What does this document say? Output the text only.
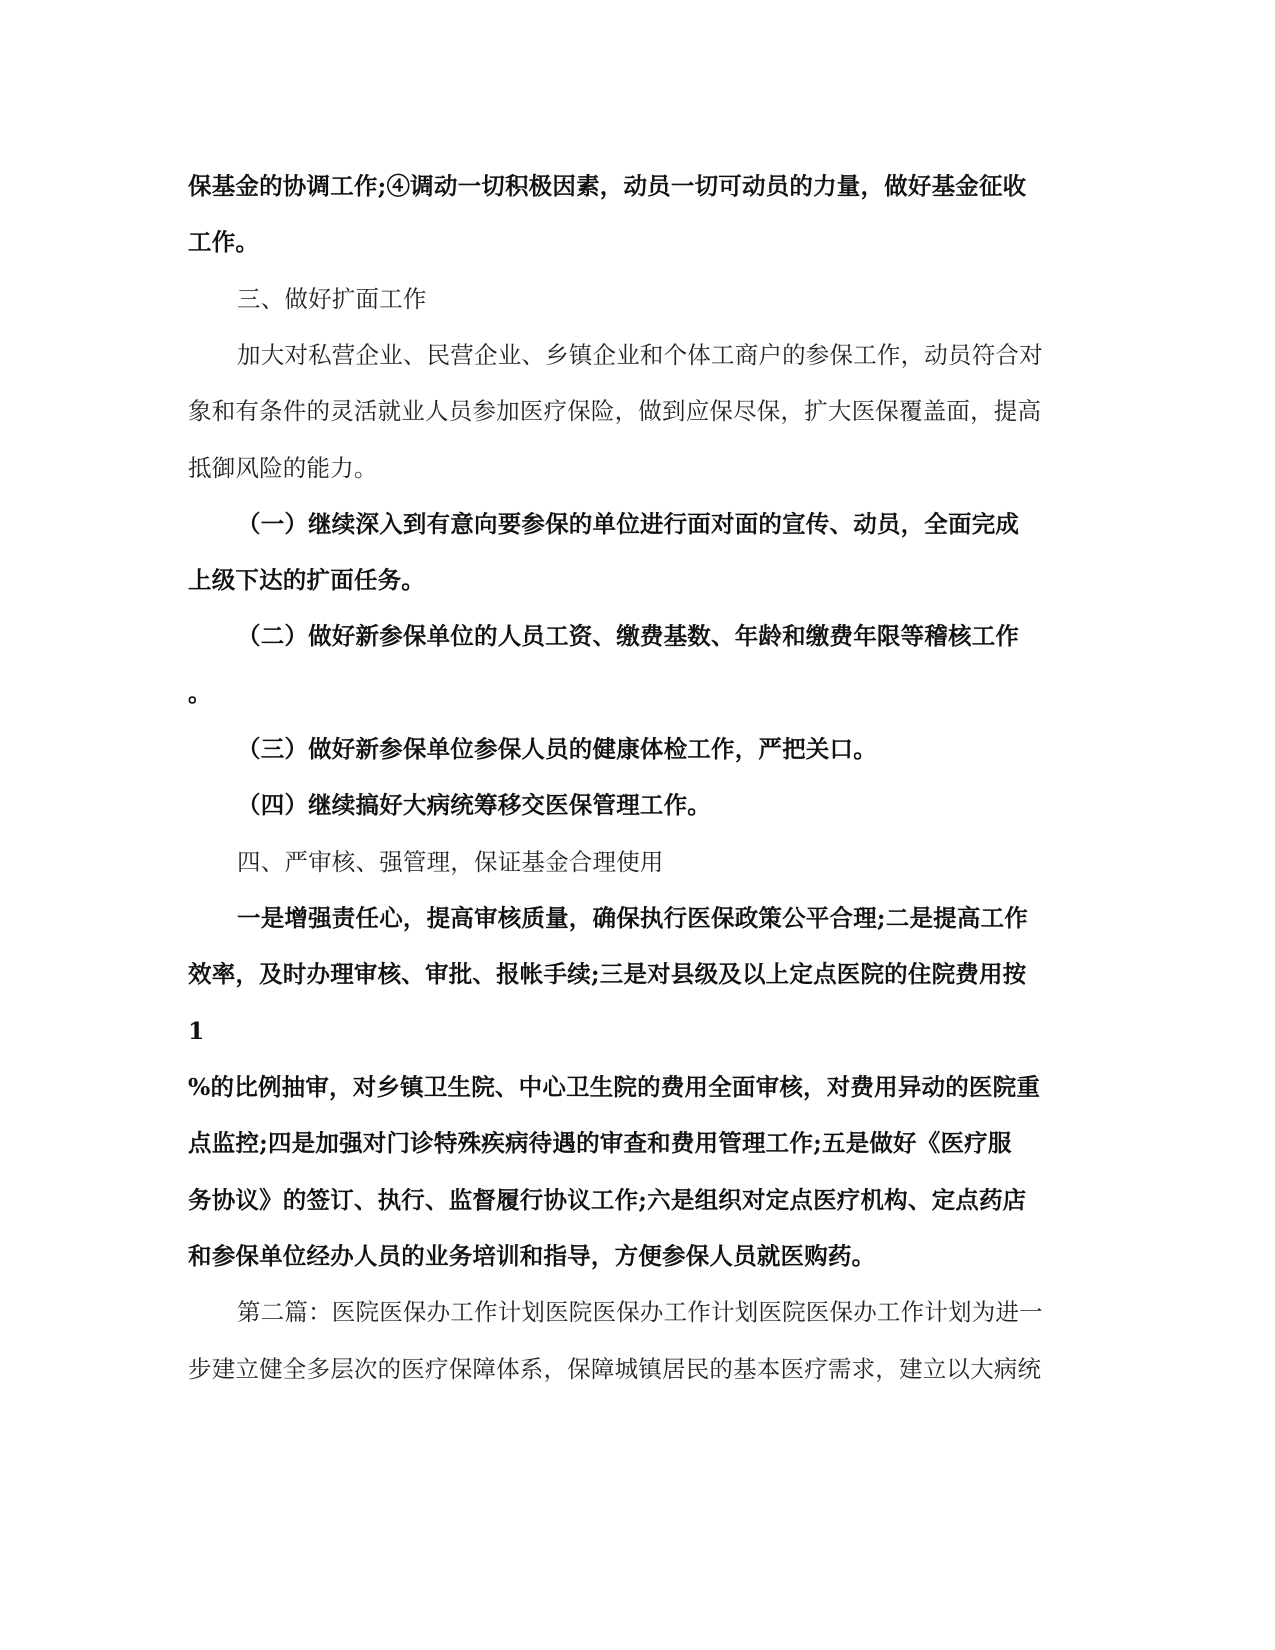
保基金的协调工作;④调动一切积极因素，动员一切可动员的力量，做好基金征收
工作。
三、做好扩面工作
加大对私营企业、民营企业、乡镇企业和个体工商户的参保工作，动员符合对
象和有条件的灵活就业人员参加医疗保险，做到应保尽保，扩大医保覆盖面，提高
抵御风险的能力。
（一）继续深入到有意向要参保的单位进行面对面的宣传、动员，全面完成
上级下达的扩面任务。
（二）做好新参保单位的人员工资、缴费基数、年龄和缴费年限等稽核工作
。
（三）做好新参保单位参保人员的健康体检工作，严把关口。
（四）继续搞好大病统筹移交医保管理工作。
四、严审核、强管理，保证基金合理使用
一是增强责任心，提高审核质量，确保执行医保政策公平合理;二是提高工作
效率，及时办理审核、审批、报帐手续;三是对县级及以上定点医院的住院费用按
1
%的比例抽审，对乡镇卫生院、中心卫生院的费用全面审核，对费用异动的医院重
点监控;四是加强对门诊特殊疾病待遇的审查和费用管理工作;五是做好《医疗服
务协议》的签订、执行、监督履行协议工作;六是组织对定点医疗机构、定点药店
和参保单位经办人员的业务培训和指导，方便参保人员就医购药。
第二篇：医院医保办工作计划医院医保办工作计划医院医保办工作计划为进一
步建立健全多层次的医疗保障体系，保障城镇居民的基本医疗需求，建立以大病统
